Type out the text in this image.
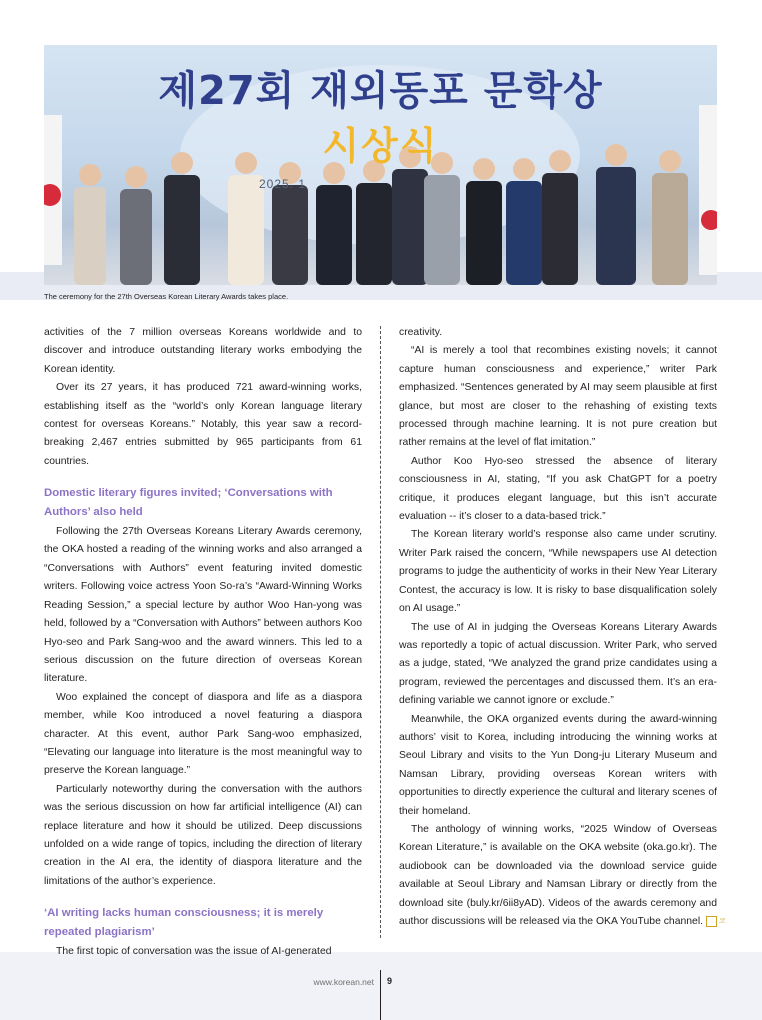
제27회 재외동포 문학상
시상식
2025. 1
The ceremony for the 27th Overseas Korean Literary Awards takes place.

activities of the 7 million overseas Koreans worldwide and to discover and introduce outstanding literary works embodying the Korean identity.

Over its 27 years, it has produced 721 award-winning works, establishing itself as the “world’s only Korean language literary contest for overseas Koreans.” Notably, this year saw a record-breaking 2,467 entries submitted by 965 participants from 61 countries.

Domestic literary figures invited; ‘Conversations with Authors’ also held

Following the 27th Overseas Koreans Literary Awards ceremony, the OKA hosted a reading of the winning works and also arranged a “Conversations with Authors” event featuring invited domestic writers. Following voice actress Yoon So-ra’s “Award-Winning Works Reading Session,” a special lecture by author Woo Han-yong was held, followed by a “Conversation with Authors” between authors Koo Hyo-seo and Park Sang-woo and the award winners. This led to a serious discussion on the future direction of overseas Korean literature.

Woo explained the concept of diaspora and life as a diaspora member, while Koo introduced a novel featuring a diaspora character. At this event, author Park Sang-woo emphasized, “Elevating our language into literature is the most meaningful way to preserve the Korean language.”

Particularly noteworthy during the conversation with the authors was the serious discussion on how far artificial intelligence (AI) can replace literature and how it should be utilized. Deep discussions unfolded on a wide range of topics, including the direction of literary creation in the AI era, the identity of diaspora literature and the limitations of the author’s experience.

‘AI writing lacks human consciousness; it is merely repeated plagiarism’

The first topic of conversation was the issue of AI-generated

creativity.

“AI is merely a tool that recombines existing novels; it cannot capture human consciousness and experience,” writer Park emphasized. “Sentences generated by AI may seem plausible at first glance, but most are closer to the rehashing of existing texts processed through machine learning. It is not pure creation but rather remains at the level of flat imitation.”

Author Koo Hyo-seo stressed the absence of literary consciousness in AI, stating, “If you ask ChatGPT for a poetry critique, it produces elegant language, but this isn’t accurate evaluation -- it’s closer to a data-based trick.”

The Korean literary world’s response also came under scrutiny. Writer Park raised the concern, “While newspapers use AI detection programs to judge the authenticity of works in their New Year Literary Contest, the accuracy is low. It is risky to base disqualification solely on AI usage.”

The use of AI in judging the Overseas Koreans Literary Awards was reportedly a topic of actual discussion. Writer Park, who served as a judge, stated, “We analyzed the grand prize candidates using a program, reviewed the percentages and discussed them. It’s an era-defining variable we cannot ignore or exclude.”

Meanwhile, the OKA organized events during the award-winning authors’ visit to Korea, including introducing the winning works at Seoul Library and visits to the Yun Dong-ju Literary Museum and Namsan Library, providing overseas Korean writers with opportunities to directly experience the cultural and literary scenes of their homeland.

The anthology of winning works, “2025 Window of Overseas Korean Literature,” is available on the OKA website (oka.go.kr). The audiobook can be downloaded via the download service guide available at Seoul Library and Namsan Library or directly from the download site (buly.kr/6ii8yAD). Videos of the awards ceremony and author discussions will be released via the OKA YouTube channel. 코

www.korean.net 9
